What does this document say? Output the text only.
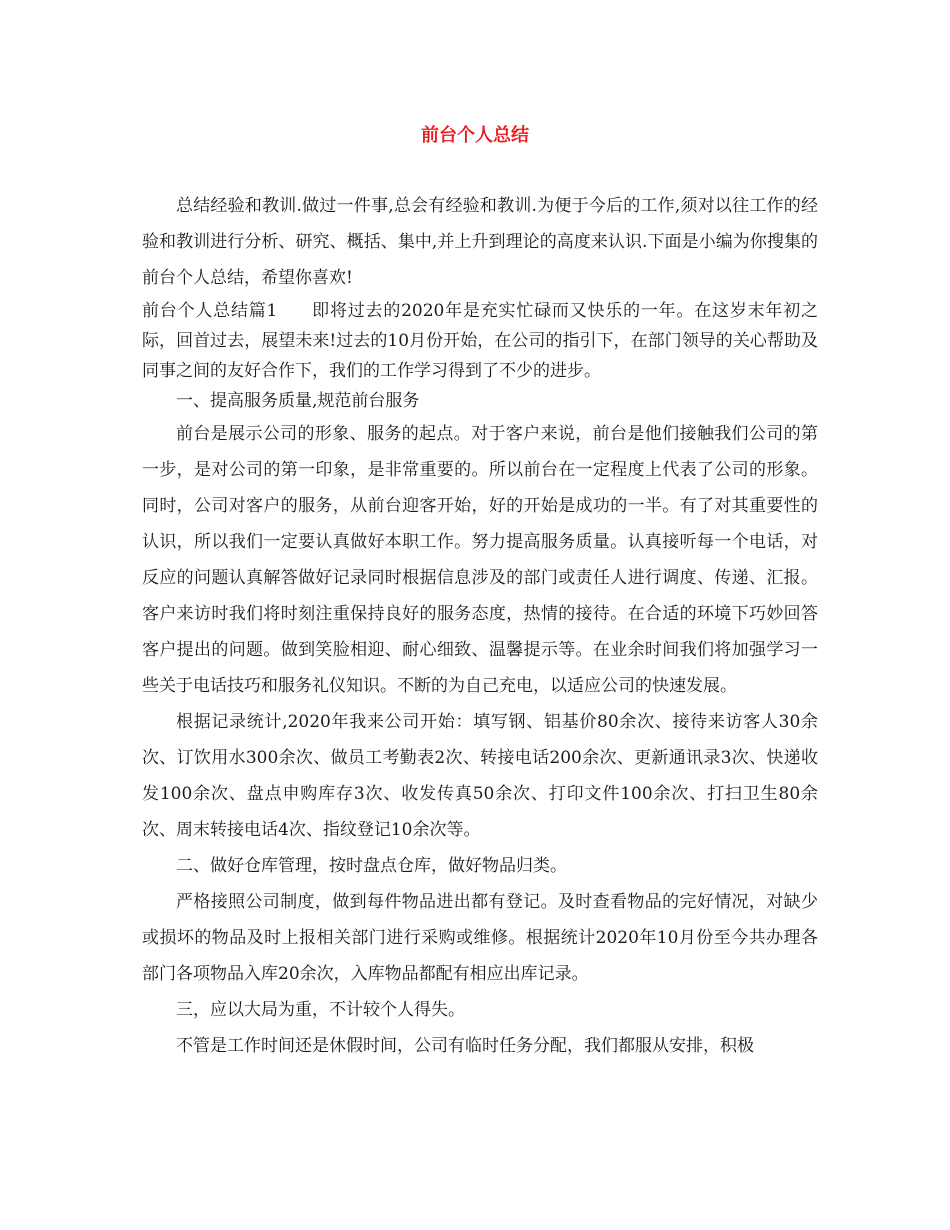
前台个人总结

总结经验和教训.做过一件事,总会有经验和教训.为便于今后的工作,须对以往工作的经验和教训进行分析、研究、概括、集中,并上升到理论的高度来认识.下面是小编为你搜集的前台个人总结，希望你喜欢!

前台个人总结篇1 即将过去的2020年是充实忙碌而又快乐的一年。在这岁末年初之际，回首过去，展望未来!过去的10月份开始，在公司的指引下，在部门领导的关心帮助及同事之间的友好合作下，我们的工作学习得到了不少的进步。

一、提高服务质量,规范前台服务

前台是展示公司的形象、服务的起点。对于客户来说，前台是他们接触我们公司的第一步，是对公司的第一印象，是非常重要的。所以前台在一定程度上代表了公司的形象。同时，公司对客户的服务，从前台迎客开始，好的开始是成功的一半。有了对其重要性的认识，所以我们一定要认真做好本职工作。努力提高服务质量。认真接听每一个电话，对反应的问题认真解答做好记录同时根据信息涉及的部门或责任人进行调度、传递、汇报。客户来访时我们将时刻注重保持良好的服务态度，热情的接待。在合适的环境下巧妙回答客户提出的问题。做到笑脸相迎、耐心细致、温馨提示等。在业余时间我们将加强学习一些关于电话技巧和服务礼仪知识。不断的为自己充电，以适应公司的快速发展。

根据记录统计,2020年我来公司开始：填写钢、铝基价80余次、接待来访客人30余次、订饮用水300余次、做员工考勤表2次、转接电话200余次、更新通讯录3次、快递收发100余次、盘点申购库存3次、收发传真50余次、打印文件100余次、打扫卫生80余次、周末转接电话4次、指纹登记10余次等。

二、做好仓库管理，按时盘点仓库，做好物品归类。

严格接照公司制度，做到每件物品进出都有登记。及时查看物品的完好情况，对缺少或损坏的物品及时上报相关部门进行采购或维修。根据统计2020年10月份至今共办理各部门各项物品入库20余次，入库物品都配有相应出库记录。

三，应以大局为重，不计较个人得失。

不管是工作时间还是休假时间，公司有临时任务分配，我们都服从安排，积极
